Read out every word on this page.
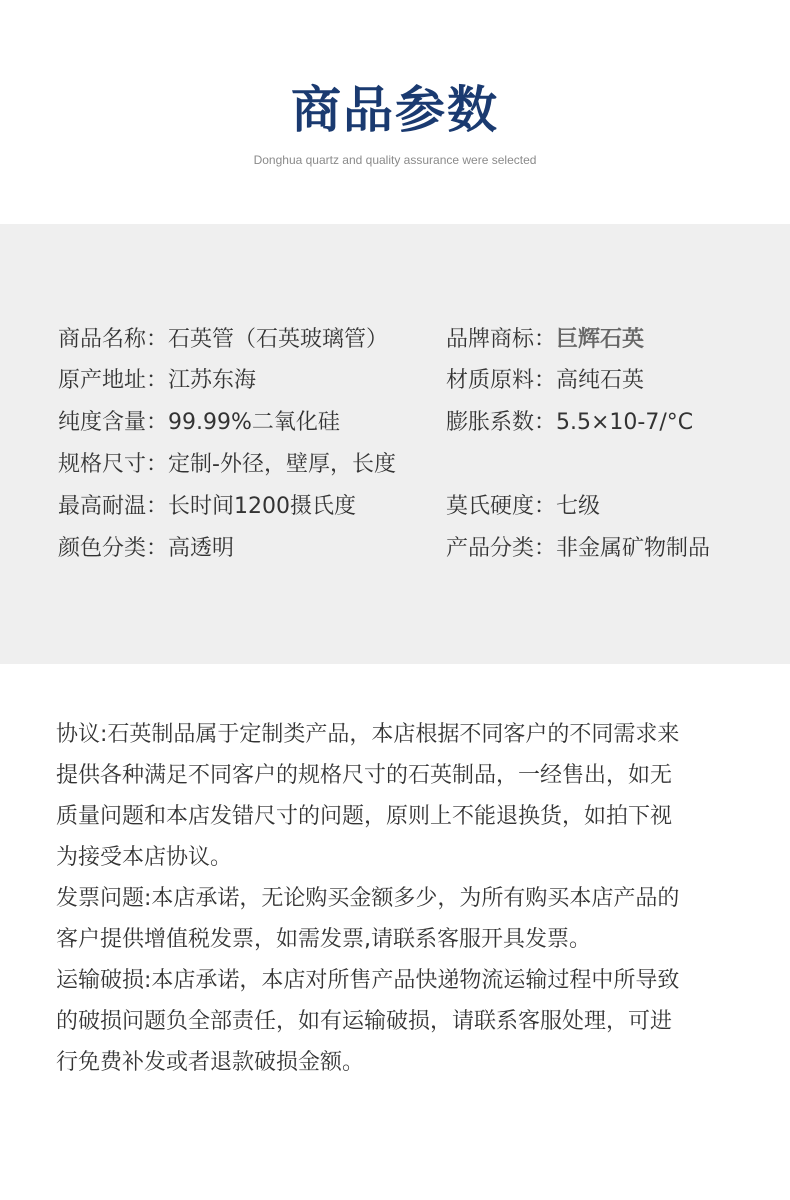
商品参数
Donghua quartz and quality assurance were selected
商品名称：石英管（石英玻璃管）
原产地址：江苏东海
纯度含量：99.99%二氧化硅
规格尺寸：定制-外径，壁厚，长度
最高耐温：长时间1200摄氏度
颜色分类：高透明
品牌商标：巨辉石英
材质原料：高纯石英
膨胀系数：5.5×10-7/°C
莫氏硬度：七级
产品分类：非金属矿物制品

协议:石英制品属于定制类产品，本店根据不同客户的不同需求来

提供各种满足不同客户的规格尺寸的石英制品，一经售出，如无

质量问题和本店发错尺寸的问题，原则上不能退换货，如拍下视

为接受本店协议。

发票问题:本店承诺，无论购买金额多少，为所有购买本店产品的

客户提供增值税发票，如需发票,请联系客服开具发票。

运输破损:本店承诺，本店对所售产品快递物流运输过程中所导致

的破损问题负全部责任，如有运输破损，请联系客服处理，可进

行免费补发或者退款破损金额。
